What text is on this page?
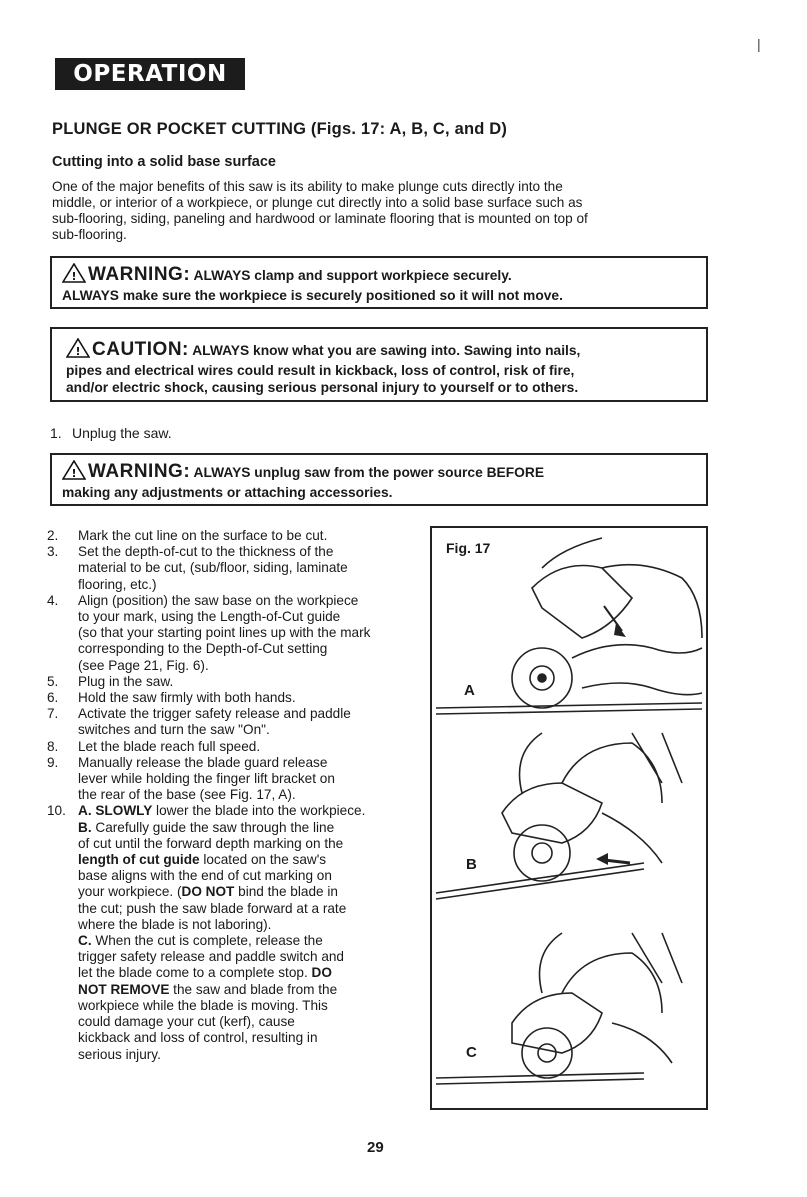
|
OPERATION cont.
PLUNGE OR POCKET CUTTING (Figs. 17: A, B, C, and D)
Cutting into a solid base surface
One of the major benefits of this saw is its ability to make plunge cuts directly into the
middle, or interior of a workpiece, or plunge cut directly into a solid base surface such as
sub-flooring, siding, paneling and hardwood or laminate flooring that is mounted on top of
sub-flooring.
! WARNING: ALWAYS clamp and support workpiece securely.
ALWAYS make sure the workpiece is securely positioned so it will not move.
! CAUTION: ALWAYS know what you are sawing into. Sawing into nails,
pipes and electrical wires could result in kickback, loss of control, risk of fire,
and/or electric shock, causing serious personal injury to yourself or to others.
1. Unplug the saw.
! WARNING: ALWAYS unplug saw from the power source BEFORE
making any adjustments or attaching accessories.
2.	Mark the cut line on the surface to be cut.
3.	Set the depth-of-cut to the thickness of the
material to be cut, (sub/floor, siding, laminate
flooring, etc.)
4.	Align (position) the saw base on the workpiece
to your mark, using the Length-of-Cut guide
(so that your starting point lines up with the mark
corresponding to the Depth-of-Cut setting
(see Page 21, Fig. 6).
5.	Plug in the saw.
6.	Hold the saw firmly with both hands.
7.	Activate the trigger safety release and paddle
switches and turn the saw "On".
8.	Let the blade reach full speed.
9.	Manually release the blade guard release
lever while holding the finger lift bracket on
the rear of the base (see Fig. 17, A).
10. A. SLOWLY lower the blade into the workpiece.
B. Carefully guide the saw through the line
of cut until the forward depth marking on the
length of cut guide located on the saw's
base aligns with the end of cut marking on
your workpiece. (DO NOT bind the blade in
the cut; push the saw blade forward at a rate
where the blade is not laboring).
C. When the cut is complete, release the
trigger safety release and paddle switch and
let the blade come to a complete stop. DO
NOT REMOVE the saw and blade from the
workpiece while the blade is moving. This
could damage your cut (kerf), cause
kickback and loss of control, resulting in
serious injury.
Fig. 17
A
B
C
29
